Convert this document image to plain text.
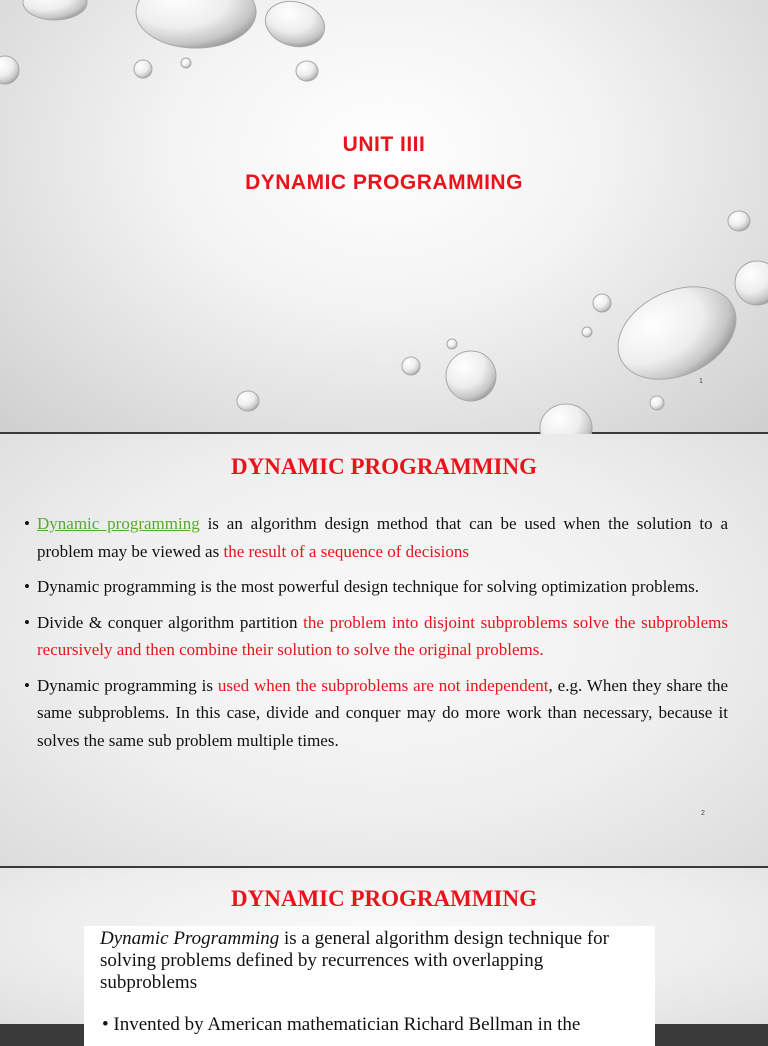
UNIT IIII
DYNAMIC PROGRAMMING
1
DYNAMIC PROGRAMMING
• Dynamic programming is an algorithm design method that can be used when the solution to a problem may be viewed as the result of a sequence of decisions
• Dynamic programming is the most powerful design technique for solving optimization problems.
• Divide & conquer algorithm partition the problem into disjoint subproblems solve the subproblems recursively and then combine their solution to solve the original problems.
• Dynamic programming is used when the subproblems are not independent, e.g. When they share the same subproblems. In this case, divide and conquer may do more work than necessary, because it solves the same sub problem multiple times.
2
DYNAMIC PROGRAMMING
Dynamic Programming is a general algorithm design technique for solving problems defined by recurrences with overlapping subproblems
• Invented by American mathematician Richard Bellman in the
